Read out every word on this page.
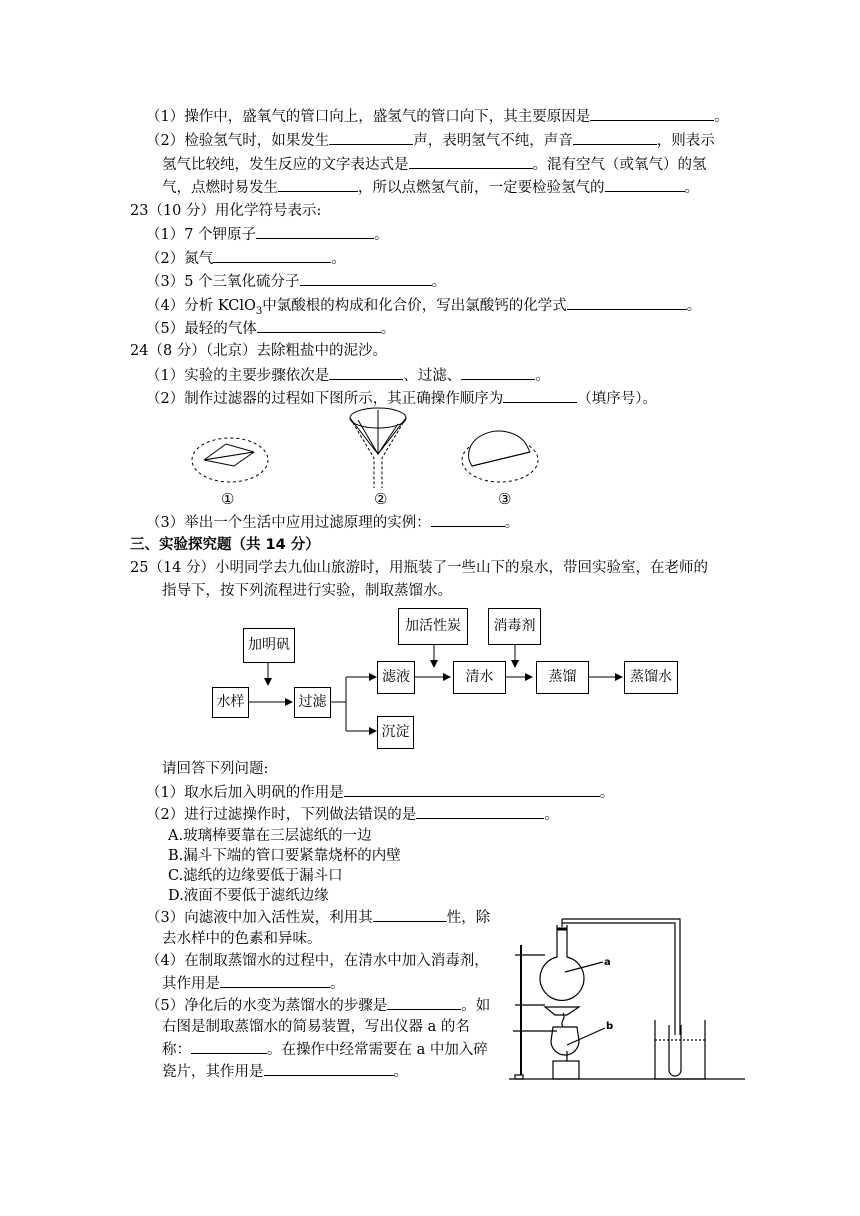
（1）操作中，盛氧气的管口向上，盛氢气的管口向下，其主要原因是	。
（2）检验氢气时，如果发生	声，表明氢气不纯，声音	，则表示
氢气比较纯，发生反应的文字表达式是	。混有空气（或氧气）的氢
气，点燃时易发生	，所以点燃氢气前，一定要检验氢气的	。
23（10 分）用化学符号表示:
（1）7 个钾原子	。
（2）氮气	。
（3）5 个三氧化硫分子	。
（4）分析 KClO$_3$中氯酸根的构成和化合价，写出氯酸钙的化学式	。
（5）最轻的气体	。
24（8 分）（北京）去除粗盐中的泥沙。
（1）实验的主要步骤依次是	、过滤、	。
（2）制作过滤器的过程如下图所示，其正确操作顺序为	（填序号）。
①	②	③
（3）举出一个生活中应用过滤原理的实例：	。
三、实验探究题（共 14 分）
25（14 分）小明同学去九仙山旅游时，用瓶装了一些山下的泉水，带回实验室，在老师的
指导下，按下列流程进行实验，制取蒸馏水。
加明矾
水样	过滤
滤液
沉淀
加活性炭
清水
消毒剂
蒸馏	蒸馏水
请回答下列问题:
（1）取水后加入明矾的作用是	。
（2）进行过滤操作时，下列做法错误的是	。
A.玻璃棒要靠在三层滤纸的一边
B.漏斗下端的管口要紧靠烧杯的内壁
C.滤纸的边缘要低于漏斗口
D.液面不要低于滤纸边缘
（3）向滤液中加入活性炭，利用其	性，除
去水样中的色素和异味。
（4）在制取蒸馏水的过程中，在清水中加入消毒剂，
其作用是	。
（5）净化后的水变为蒸馏水的步骤是	。如
右图是制取蒸馏水的简易装置，写出仪器 a 的名
称：	。在操作中经常需要在 a 中加入碎
瓷片，其作用是	。
a
b
